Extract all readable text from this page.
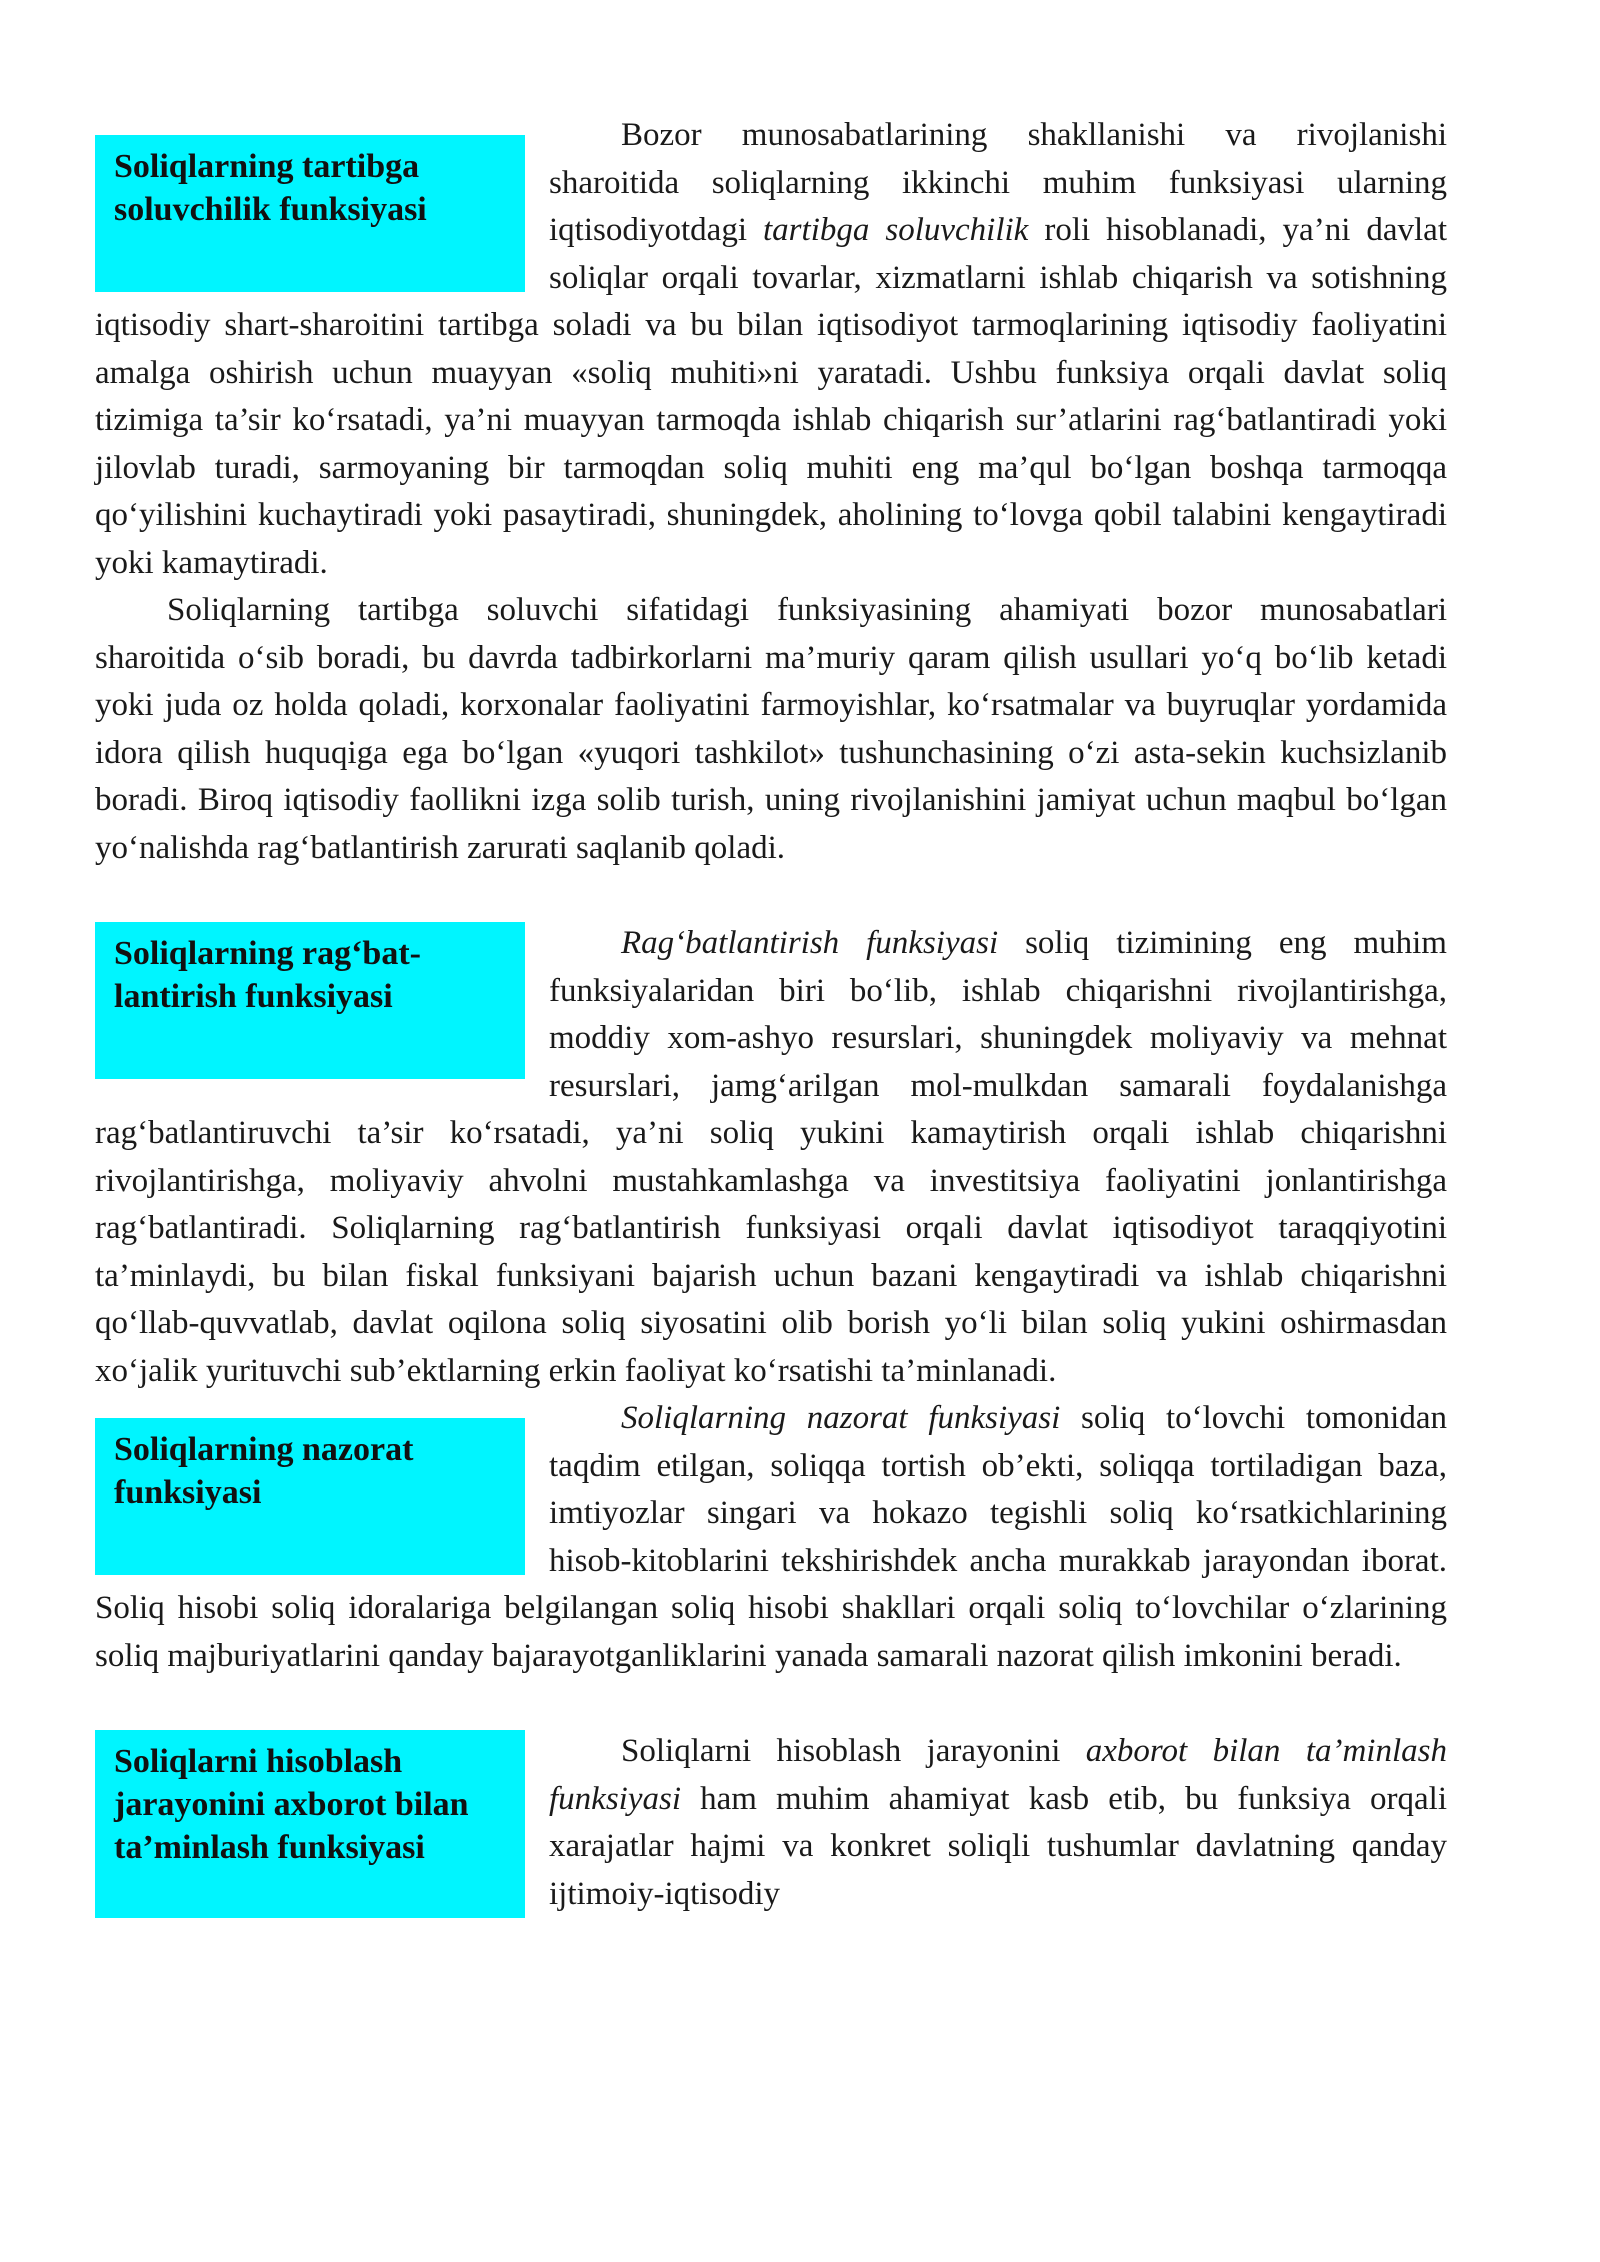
Soliqlarning tartibga soluvchilik funksiyasi

Bozor munosabatlarining shakllanishi va rivojlanishi sharoitida soliqlarning ikkinchi muhim funksiyasi ularning iqtisodiyotdagi tartibga soluvchilik roli hisoblanadi, ya’ni davlat soliqlar orqali tovarlar, xizmatlarni ishlab chiqarish va sotishning iqtisodiy shart-sharoitini tartibga soladi va bu bilan iqtisodiyot tarmoqlarining iqtisodiy faoliyatini amalga oshirish uchun muayyan «soliq muhiti»ni yaratadi. Ushbu funksiya orqali davlat soliq tizimiga ta’sir ko‘rsatadi, ya’ni muayyan tarmoqda ishlab chiqarish sur’atlarini rag‘batlantiradi yoki jilovlab turadi, sarmoyaning bir tarmoqdan soliq muhiti eng ma’qul bo‘lgan boshqa tarmoqqa qo‘yilishini kuchaytiradi yoki pasaytiradi, shuningdek, aholining to‘lovga qobil talabini kengaytiradi yoki kamaytiradi.

Soliqlarning tartibga soluvchi sifatidagi funksiyasining ahamiyati bozor munosabatlari sharoitida o‘sib boradi, bu davrda tadbirkorlarni ma’muriy qaram qilish usullari yo‘q bo‘lib ketadi yoki juda oz holda qoladi, korxonalar faoliyatini farmoyishlar, ko‘rsatmalar va buyruqlar yordamida idora qilish huquqiga ega bo‘lgan «yuqori tashkilot» tushunchasining o‘zi asta-sekin kuchsizlanib boradi. Biroq iqtisodiy faollikni izga solib turish, uning rivojlanishini jamiyat uchun maqbul bo‘lgan yo‘nalishda rag‘batlantirish zarurati saqlanib qoladi.

Soliqlarning rag‘bat-lantirish funksiyasi

Rag‘batlantirish funksiyasi soliq tizimining eng muhim funksiyalaridan biri bo‘lib, ishlab chiqarishni rivojlantirishga, moddiy xom-ashyo resurslari, shuningdek moliyaviy va mehnat resurslari, jamg‘arilgan mol-mulkdan samarali foydalanishga rag‘batlantiruvchi ta’sir ko‘rsatadi, ya’ni soliq yukini kamaytirish orqali ishlab chiqarishni rivojlantirishga, moliyaviy ahvolni mustahkamlashga va investitsiya faoliyatini jonlantirishga rag‘batlantiradi. Soliqlarning rag‘batlantirish funksiyasi orqali davlat iqtisodiyot taraqqiyotini ta’minlaydi, bu bilan fiskal funksiyani bajarish uchun bazani kengaytiradi va ishlab chiqarishni qo‘llab-quvvatlab, davlat oqilona soliq siyosatini olib borish yo‘li bilan soliq yukini oshirmasdan xo‘jalik yurituvchi sub’ektlarning erkin faoliyat ko‘rsatishi ta’minlanadi.

Soliqlarning nazorat funksiyasi

Soliqlarning nazorat funksiyasi soliq to‘lovchi tomonidan taqdim etilgan, soliqqa tortish ob’ekti, soliqqa tortiladigan baza, imtiyozlar singari va hokazo tegishli soliq ko‘rsatkichlarining hisob-kitoblarini tekshirishdek ancha murakkab jarayondan iborat. Soliq hisobi soliq idoralariga belgilangan soliq hisobi shakllari orqali soliq to‘lovchilar o‘zlarining soliq majburiyatlarini qanday bajarayotganliklarini yanada samarali nazorat qilish imkonini beradi.

Soliqlarni hisoblash jarayonini axborot bilan ta’minlash funksiyasi

Soliqlarni hisoblash jarayonini axborot bilan ta’minlash funksiyasi ham muhim ahamiyat kasb etib, bu funksiya orqali xarajatlar hajmi va konkret soliqli tushumlar davlatning qanday ijtimoiy-iqtisodiy
